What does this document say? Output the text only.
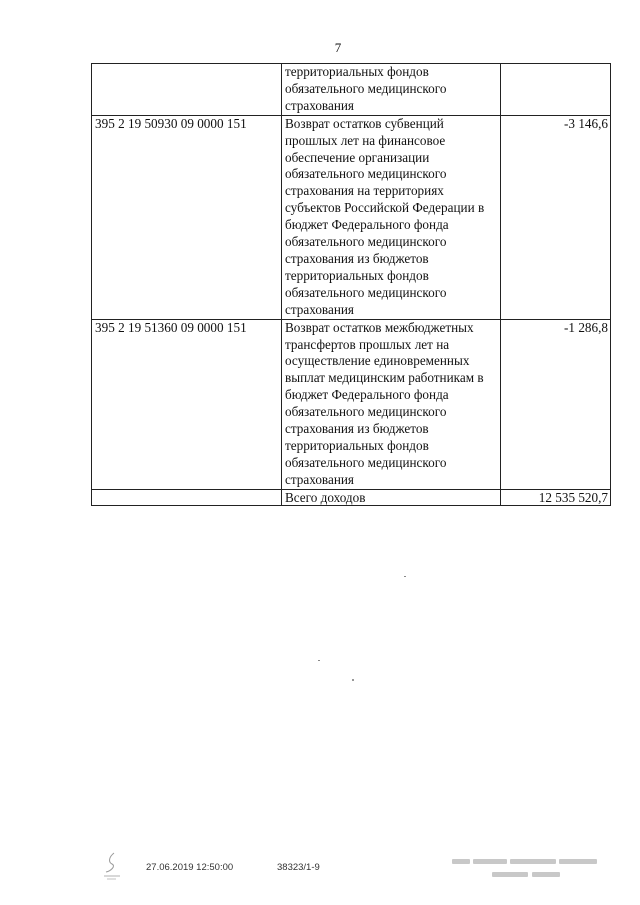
7
	территориальных фондов обязательного медицинского страхования	
395 2 19 50930 09 0000 151	Возврат остатков субвенций прошлых лет на финансовое обеспечение организации обязательного медицинского страхования на территориях субъектов Российской Федерации в бюджет Федерального фонда обязательного медицинского страхования из бюджетов территориальных фондов обязательного медицинского страхования	-3 146,6
395 2 19 51360 09 0000 151	Возврат остатков межбюджетных трансфертов прошлых лет на осуществление единовременных выплат медицинским работникам в бюджет Федерального фонда обязательного медицинского страхования из бюджетов территориальных фондов обязательного медицинского страхования	-1 286,8
	Всего доходов	12 535 520,7
27.06.2019 12:50:00	38323/1-9
